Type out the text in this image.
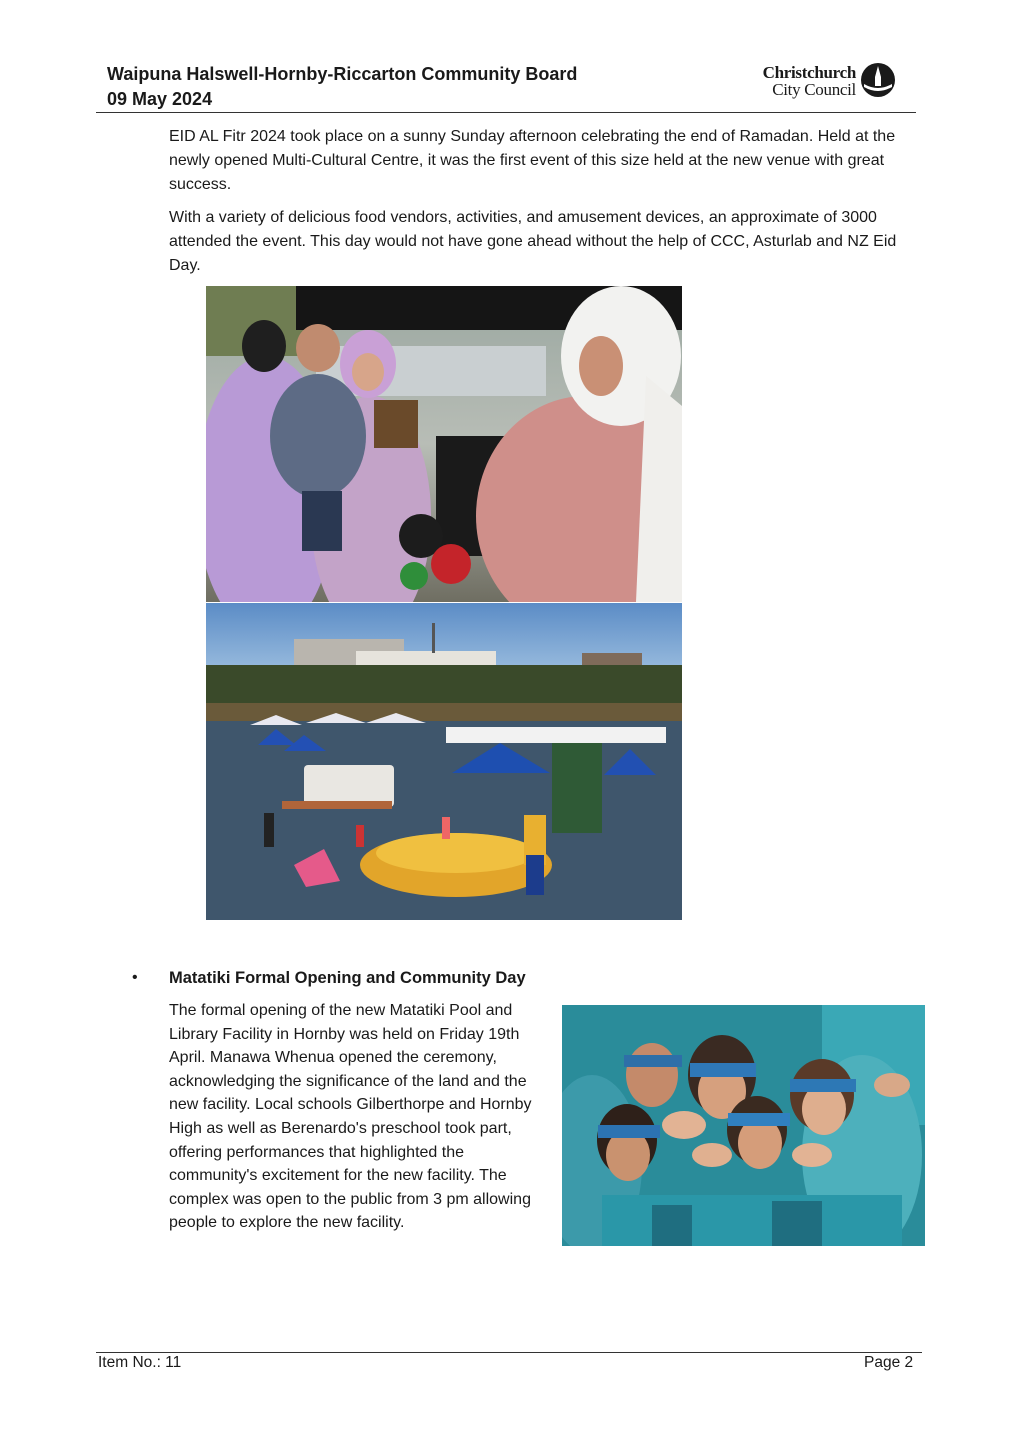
Waipuna Halswell-Hornby-Riccarton Community Board
09 May 2024
Christchurch
City Council
EID AL Fitr 2024 took place on a sunny Sunday afternoon celebrating the end of Ramadan. Held at the newly opened Multi-Cultural Centre, it was the first event of this size held at the new venue with great success.
With a variety of delicious food vendors, activities, and amusement devices, an approximate of 3000 attended the event. This day would not have gone ahead without the help of CCC, Asturlab and NZ Eid Day.
• Matatiki Formal Opening and Community Day
The formal opening of the new Matatiki Pool and Library Facility in Hornby was held on Friday 19th April. Manawa Whenua opened the ceremony, acknowledging the significance of the land and the new facility. Local schools Gilberthorpe and Hornby High as well as Berenardo's preschool took part, offering performances that highlighted the community's excitement for the new facility. The complex was open to the public from 3 pm allowing people to explore the new facility.
Item No.: 11	Page 2
